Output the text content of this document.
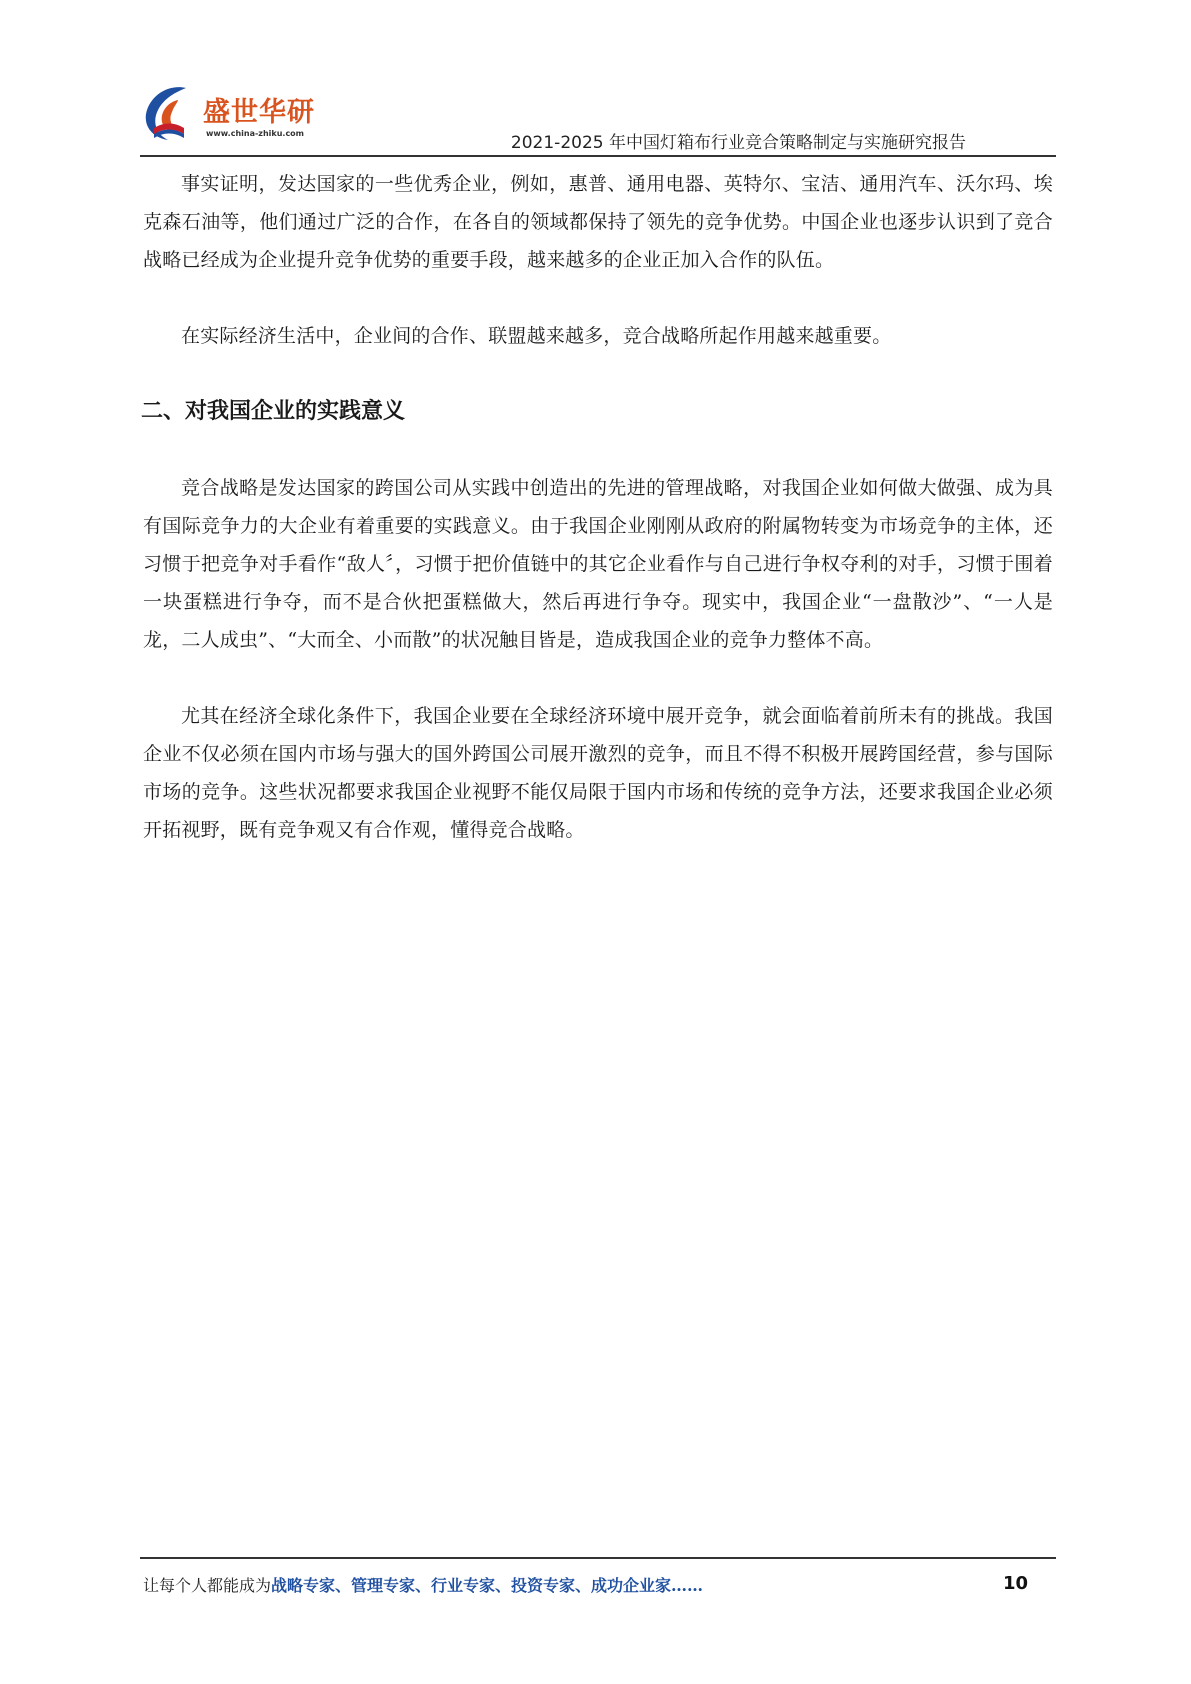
盛世华研
www.china-zhiku.com	2021-2025 年中国灯箱布行业竞合策略制定与实施研究报告

事实证明，发达国家的一些优秀企业，例如，惠普、通用电器、英特尔、宝洁、通用汽车、沃尔玛、埃克森石油等，他们通过广泛的合作，在各自的领域都保持了领先的竞争优势。中国企业也逐步认识到了竞合战略已经成为企业提升竞争优势的重要手段，越来越多的企业正加入合作的队伍。

在实际经济生活中，企业间的合作、联盟越来越多，竞合战略所起作用越来越重要。

二、对我国企业的实践意义

竞合战略是发达国家的跨国公司从实践中创造出的先进的管理战略，对我国企业如何做大做强、成为具有国际竞争力的大企业有着重要的实践意义。由于我国企业刚刚从政府的附属物转变为市场竞争的主体，还习惯于把竞争对手看作“敌人〞，习惯于把价值链中的其它企业看作与自己进行争权夺利的对手，习惯于围着一块蛋糕进行争夺，而不是合伙把蛋糕做大，然后再进行争夺。现实中，我国企业“一盘散沙”、“一人是龙，二人成虫”、“大而全、小而散”的状况触目皆是，造成我国企业的竞争力整体不高。

尤其在经济全球化条件下，我国企业要在全球经济环境中展开竞争，就会面临着前所未有的挑战。我国企业不仅必须在国内市场与强大的国外跨国公司展开激烈的竞争，而且不得不积极开展跨国经营，参与国际市场的竞争。这些状况都要求我国企业视野不能仅局限于国内市场和传统的竞争方法，还要求我国企业必须开拓视野，既有竞争观又有合作观，懂得竞合战略。

让每个人都能成为战略专家、管理专家、行业专家、投资专家、成功企业家……	10
